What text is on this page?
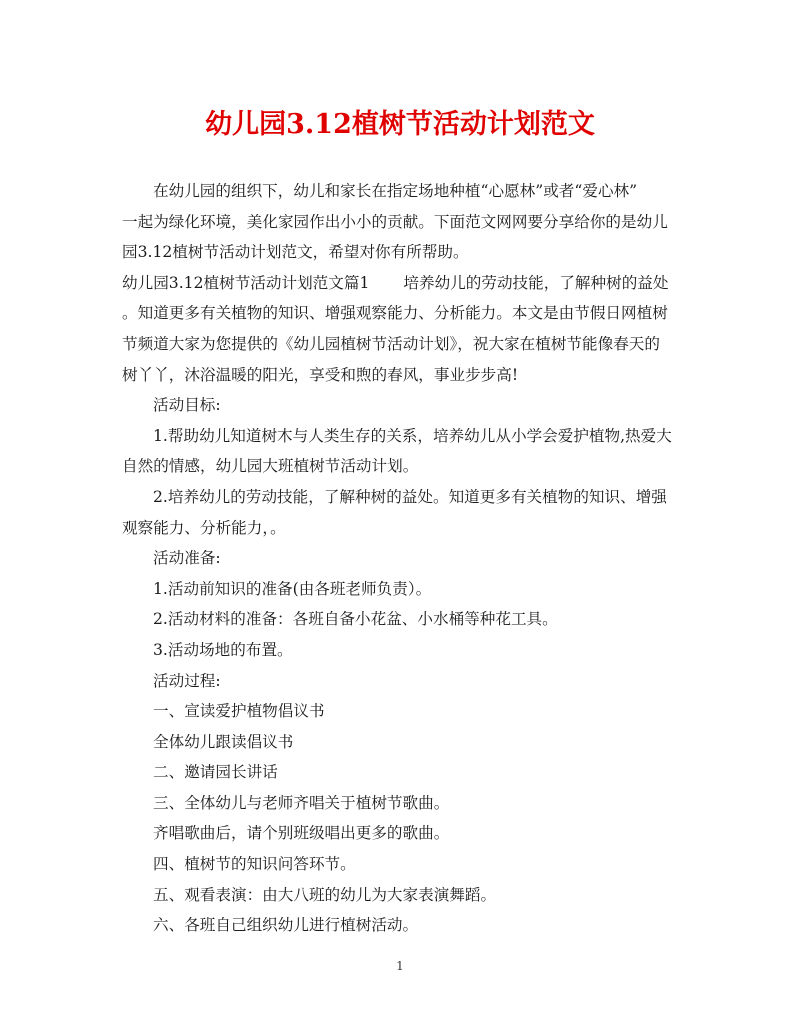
幼儿园3.12植树节活动计划范文
在幼儿园的组织下，幼儿和家长在指定场地种植“心愿林”或者“爱心林”
一起为绿化环境，美化家园作出小小的贡献。下面范文网网要分享给你的是幼儿
园3.12植树节活动计划范文，希望对你有所帮助。
幼儿园3.12植树节活动计划范文篇1 培养幼儿的劳动技能，了解种树的益处
。知道更多有关植物的知识、增强观察能力、分析能力。本文是由节假日网植树
节频道大家为您提供的《幼儿园植树节活动计划》，祝大家在植树节能像春天的
树丫丫，沐浴温暖的阳光，享受和煦的春风，事业步步高!
活动目标:
1.帮助幼儿知道树木与人类生存的关系，培养幼儿从小学会爱护植物,热爱大
自然的情感，幼儿园大班植树节活动计划。
2.培养幼儿的劳动技能，了解种树的益处。知道更多有关植物的知识、增强
观察能力、分析能力，。
活动准备:
1.活动前知识的准备(由各班老师负责）。
2.活动材料的准备：各班自备小花盆、小水桶等种花工具。
3.活动场地的布置。
活动过程:
一、宣读爱护植物倡议书
全体幼儿跟读倡议书
二、邀请园长讲话
三、全体幼儿与老师齐唱关于植树节歌曲。
齐唱歌曲后，请个别班级唱出更多的歌曲。
四、植树节的知识问答环节。
五、观看表演：由大八班的幼儿为大家表演舞蹈。
六、各班自己组织幼儿进行植树活动。
1
